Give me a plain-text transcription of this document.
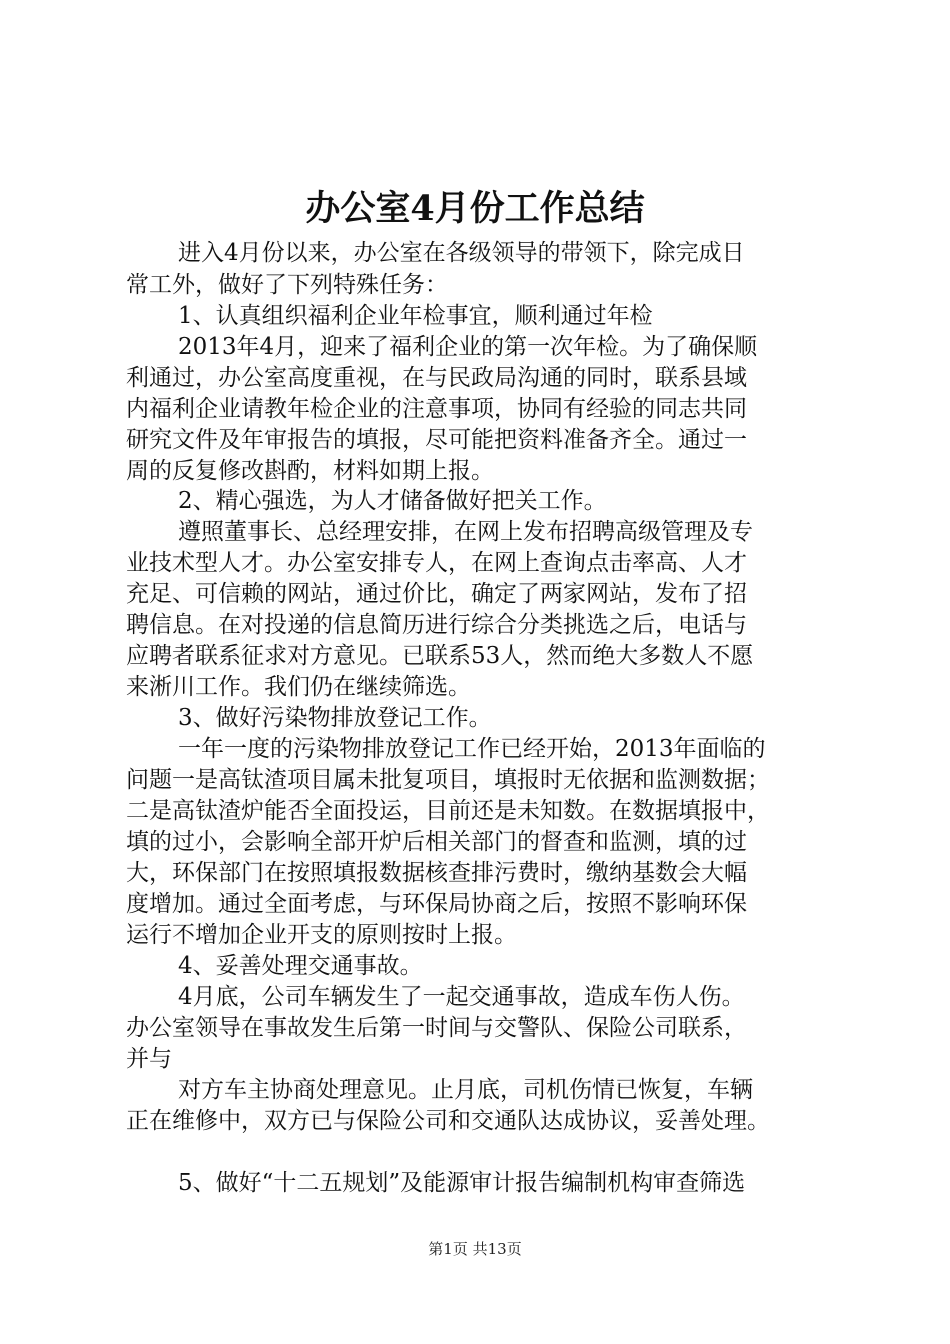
办公室4月份工作总结
进入4月份以来，办公室在各级领导的带领下，除完成日
常工外，做好了下列特殊任务：
1、认真组织福利企业年检事宜，顺利通过年检
2013年4月，迎来了福利企业的第一次年检。为了确保顺
利通过，办公室高度重视，在与民政局沟通的同时，联系县域
内福利企业请教年检企业的注意事项，协同有经验的同志共同
研究文件及年审报告的填报，尽可能把资料准备齐全。通过一
周的反复修改斟酌，材料如期上报。
2、精心强选，为人才储备做好把关工作。
遵照董事长、总经理安排，在网上发布招聘高级管理及专
业技术型人才。办公室安排专人，在网上查询点击率高、人才
充足、可信赖的网站，通过价比，确定了两家网站，发布了招
聘信息。在对投递的信息简历进行综合分类挑选之后，电话与
应聘者联系征求对方意见。已联系53人，然而绝大多数人不愿
来淅川工作。我们仍在继续筛选。
3、做好污染物排放登记工作。
一年一度的污染物排放登记工作已经开始，2013年面临的
问题一是高钛渣项目属未批复项目，填报时无依据和监测数据；
二是高钛渣炉能否全面投运，目前还是未知数。在数据填报中，
填的过小，会影响全部开炉后相关部门的督查和监测，填的过
大，环保部门在按照填报数据核查排污费时，缴纳基数会大幅
度增加。通过全面考虑，与环保局协商之后，按照不影响环保
运行不增加企业开支的原则按时上报。
4、妥善处理交通事故。
4月底，公司车辆发生了一起交通事故，造成车伤人伤。
办公室领导在事故发生后第一时间与交警队、保险公司联系，
并与
对方车主协商处理意见。止月底，司机伤情已恢复，车辆
正在维修中，双方已与保险公司和交通队达成协议，妥善处理。
5、做好“十二五规划”及能源审计报告编制机构审查筛选
第1页 共13页
